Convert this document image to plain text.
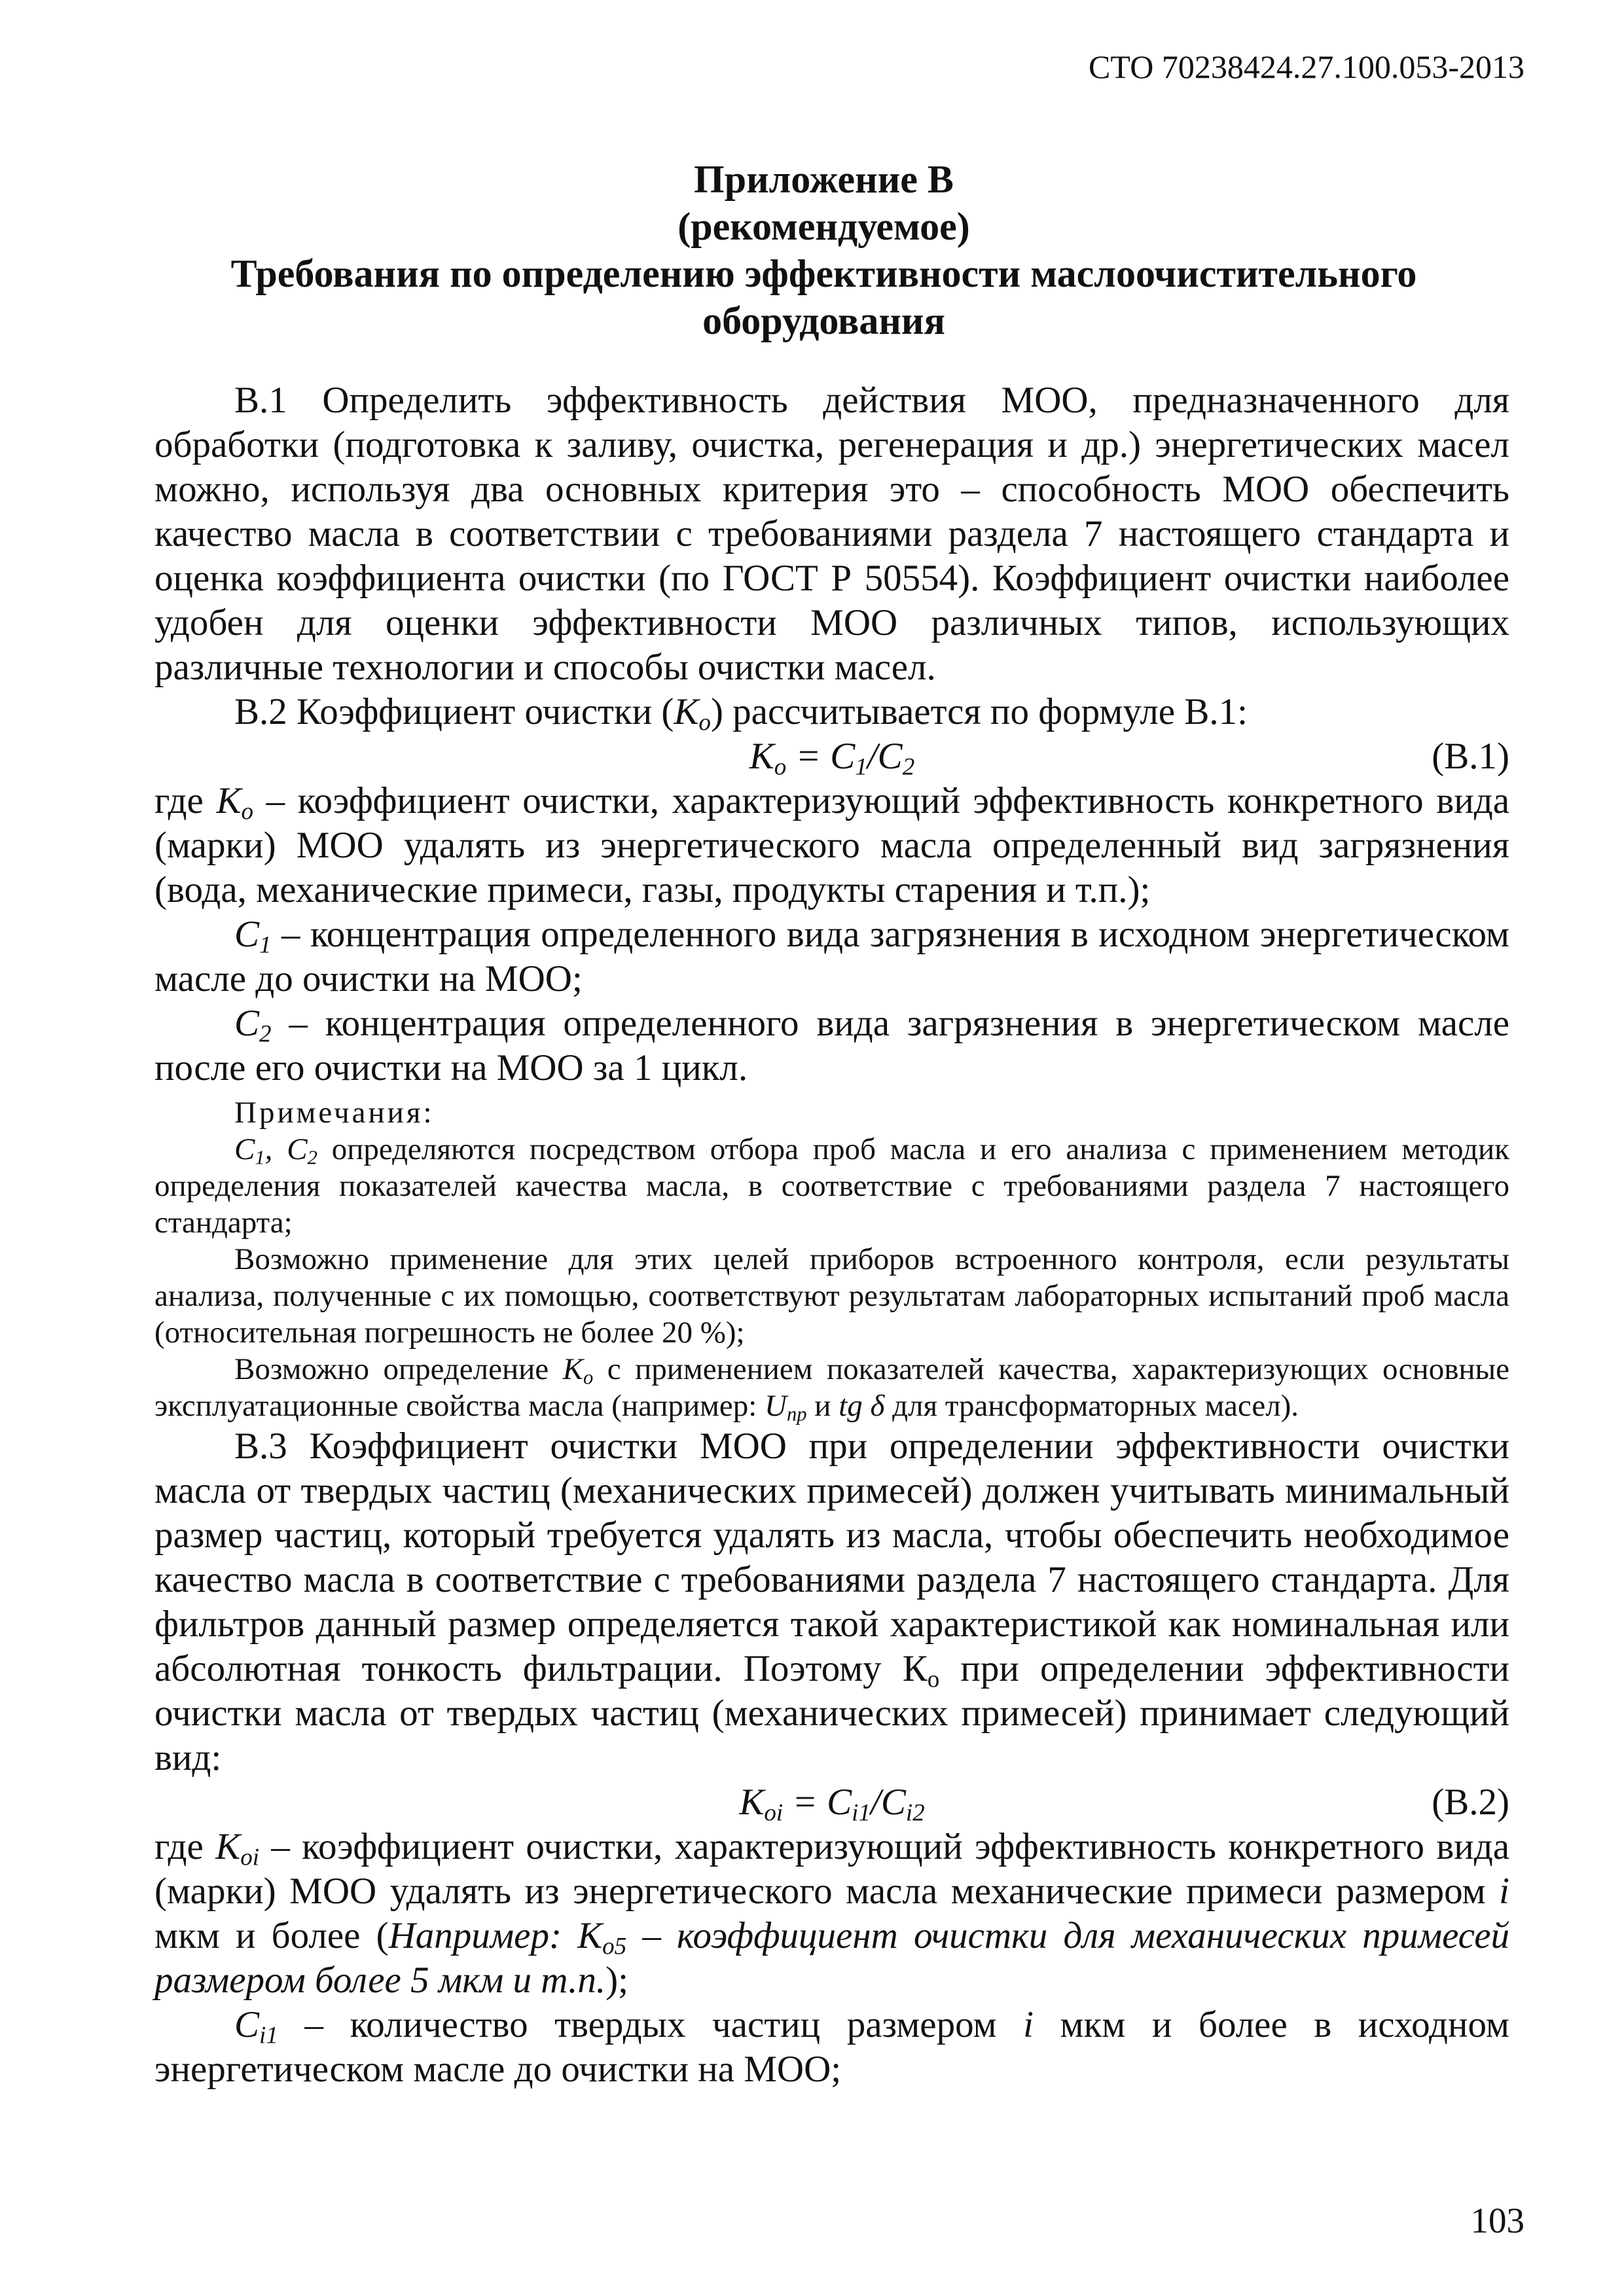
СТО 70238424.27.100.053-2013
Приложение В
(рекомендуемое)
Требования по определению эффективности маслоочистительного
оборудования

В.1 Определить эффективность действия МОО, предназначенного для обработки (подготовка к заливу, очистка, регенерация и др.) энергетических масел можно, используя два основных критерия это – способность МОО обеспечить качество масла в соответствии с требованиями раздела 7 настоящего стандарта и оценка коэффициента очистки (по ГОСТ Р 50554). Коэффициент очистки наиболее удобен для оценки эффективности МОО различных типов, использующих различные технологии и способы очистки масел.

В.2 Коэффициент очистки $(K_o)$ рассчитывается по формуле В.1:

$K_o = C_1/C_2$	(В.1)

где $K_o$ – коэффициент очистки, характеризующий эффективность конкретного вида (марки) МОО удалять из энергетического масла определенный вид загрязнения (вода, механические примеси, газы, продукты старения и т.п.);

$C_1$ – концентрация определенного вида загрязнения в исходном энергетическом масле до очистки на МОО;

$C_2$ – концентрация определенного вида загрязнения в энергетическом масле после его очистки на МОО за 1 цикл.

Примечания:

$C_1$, $C_2$ определяются посредством отбора проб масла и его анализа с применением методик определения показателей качества масла, в соответствие с требованиями раздела 7 настоящего стандарта;

Возможно применение для этих целей приборов встроенного контроля, если результаты анализа, полученные с их помощью, соответствуют результатам лабораторных испытаний проб масла (относительная погрешность не более 20 %);

Возможно определение $K_o$ с применением показателей качества, характеризующих основные эксплуатационные свойства масла (например: $U_{пр}$ и tg δ для трансформаторных масел).

В.3 Коэффициент очистки МОО при определении эффективности очистки масла от твердых частиц (механических примесей) должен учитывать минимальный размер частиц, который требуется удалять из масла, чтобы обеспечить необходимое качество масла в соответствие с требованиями раздела 7 настоящего стандарта. Для фильтров данный размер определяется такой характеристикой как номинальная или абсолютная тонкость фильтрации. Поэтому $К_о$ при определении эффективности очистки масла от твердых частиц (механических примесей) принимает следующий вид:

$K_{oi} = C_{i1}/C_{i2}$	(В.2)

где $K_{oi}$ – коэффициент очистки, характеризующий эффективность конкретного вида (марки) МОО удалять из энергетического масла механические примеси размером i мкм и более (Например: $K_{o5}$ – коэффициент очистки для механических примесей размером более 5 мкм и т.п.);

$C_{i1}$ – количество твердых частиц размером i мкм и более в исходном энергетическом масле до очистки на МОО;

103
